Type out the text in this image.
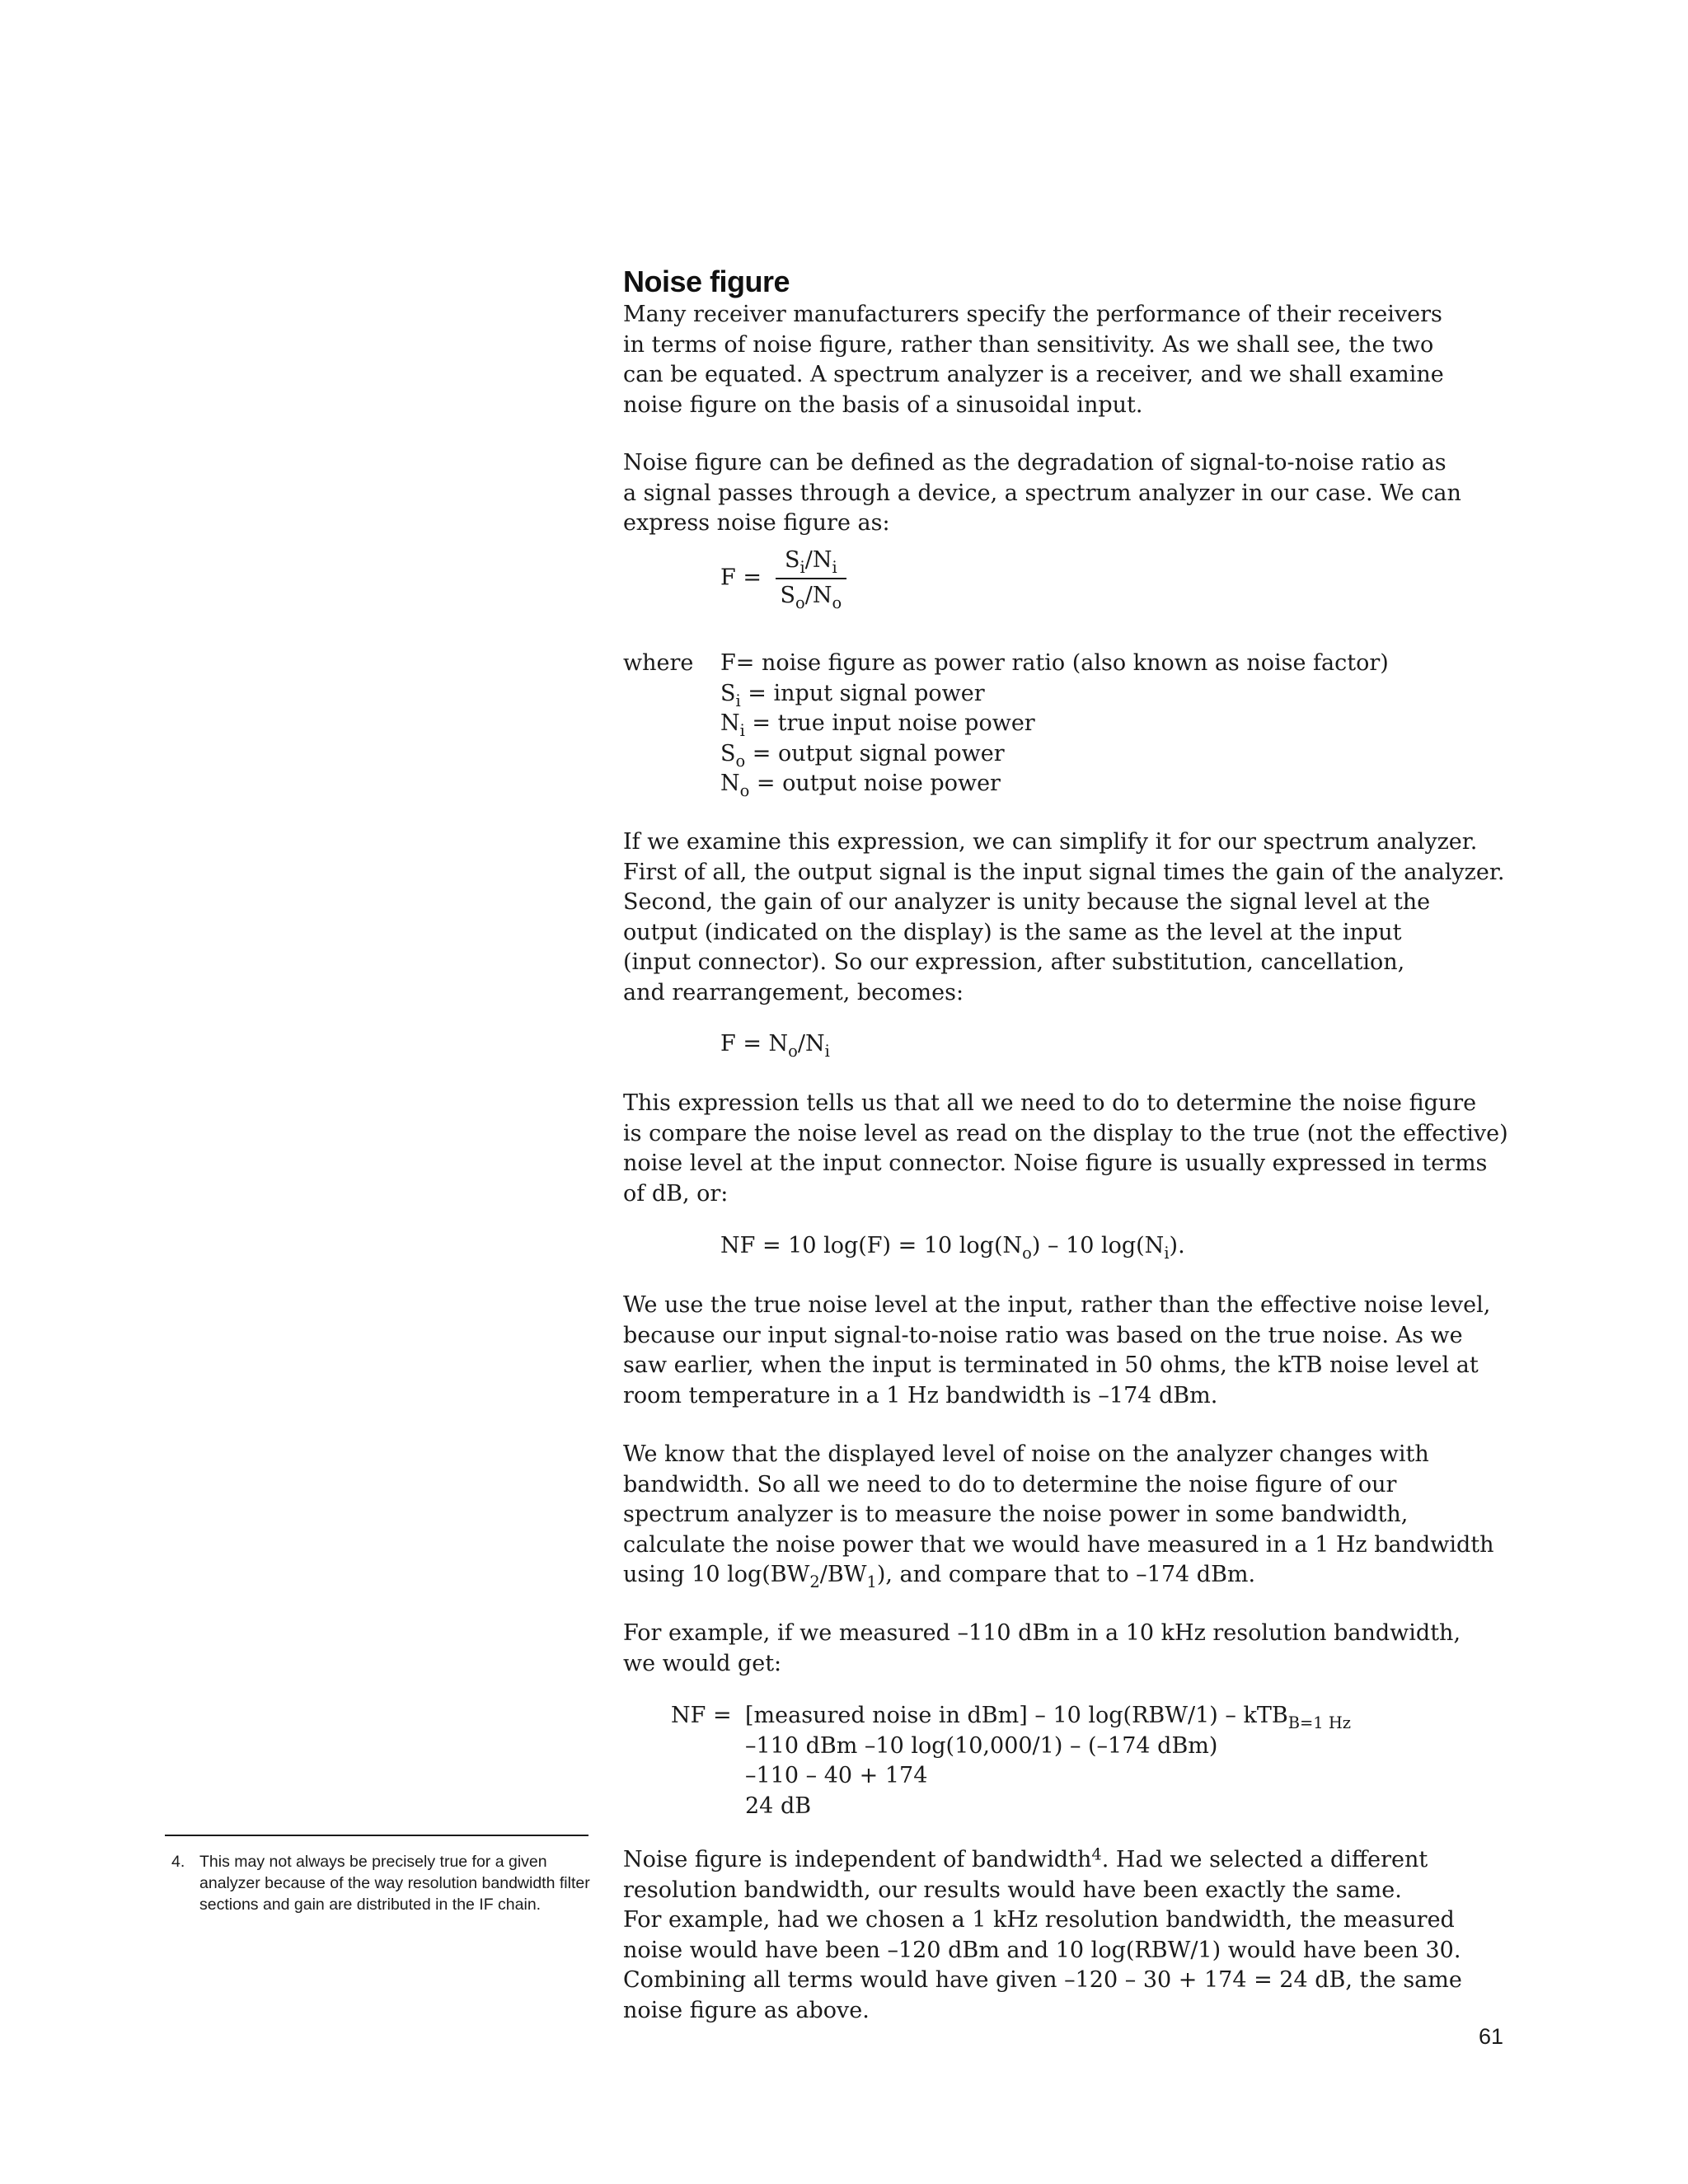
Noise figure

Many receiver manufacturers specify the performance of their receivers in terms of noise figure, rather than sensitivity. As we shall see, the two can be equated. A spectrum analyzer is a receiver, and we shall examine noise figure on the basis of a sinusoidal input.

Noise figure can be defined as the degradation of signal-to-noise ratio as a signal passes through a device, a spectrum analyzer in our case. We can express noise figure as:

$F = \frac{S_i/N_i}{S_o/N_o}$
where F= noise figure as power ratio (also known as noise factor)
$S_i$ = input signal power
$N_i$ = true input noise power
$S_o$ = output signal power
$N_o$ = output noise power
If we examine this expression, we can simplify it for our spectrum analyzer.
First of all, the output signal is the input signal times the gain of the analyzer.
Second, the gain of our analyzer is unity because the signal level at the
output (indicated on the display) is the same as the level at the input
(input connector). So our expression, after substitution, cancellation,
and rearrangement, becomes:
$F = N_o/N_i$
This expression tells us that all we need to do to determine the noise figure
is compare the noise level as read on the display to the true (not the effective)
noise level at the input connector. Noise figure is usually expressed in terms
of dB, or:
NF = 10 log(F) = 10 $\log(N_o) - 10$ $\log(N_i)$.
We use the true noise level at the input, rather than the effective noise level,
because our input signal-to-noise ratio was based on the true noise. As we
saw earlier, when the input is terminated in 50 ohms, the kTB noise level at
room temperature in a 1 Hz bandwidth is –174 dBm.
We know that the displayed level of noise on the analyzer changes with
bandwidth. So all we need to do to determine the noise figure of our
spectrum analyzer is to measure the noise power in some bandwidth,
calculate the noise power that we would have measured in a 1 Hz bandwidth
using 10 $\log(BW_2/BW_1)$, and compare that to –174 dBm.
For example, if we measured –110 dBm in a 10 kHz resolution bandwidth,
we would get:
NF = [measured noise in dBm] – 10 log(RBW/1) – kTB$_{B=1 Hz}$
–110 dBm –10 log(10,000/1) – (–174 dBm)
–110 – 40 + 174
24 dB
4. This may not always be precisely true for a given analyzer because of the way resolution bandwidth filter sections and gain are distributed in the IF chain.
Noise figure is independent of bandwidth$^4$. Had we selected a different
resolution bandwidth, our results would have been exactly the same.
For example, had we chosen a 1 kHz resolution bandwidth, the measured
noise would have been –120 dBm and 10 log(RBW/1) would have been 30.
Combining all terms would have given –120 – 30 + 174 = 24 dB, the same
noise figure as above.
61
